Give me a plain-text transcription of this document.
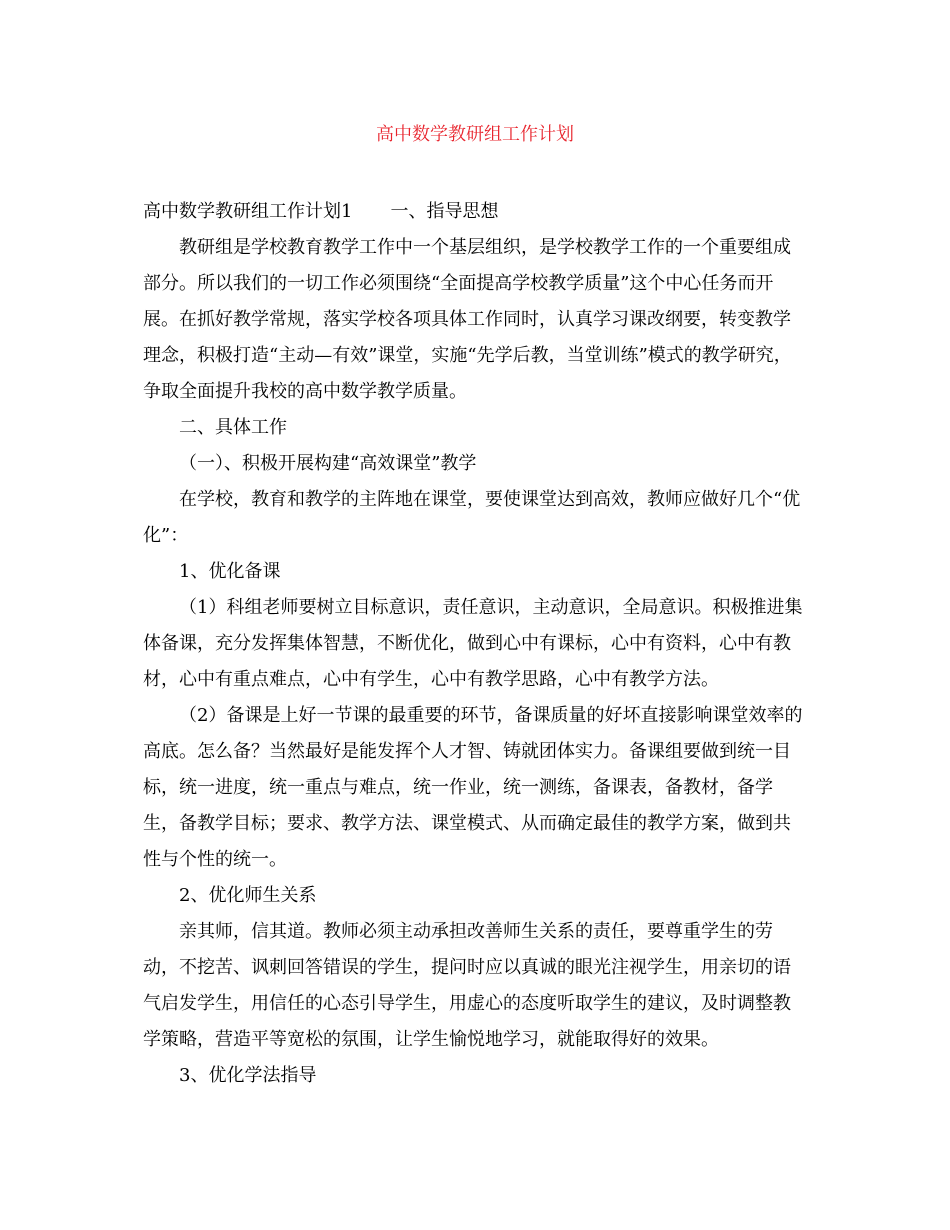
高中数学教研组工作计划

高中数学教研组工作计划1 一、指导思想

教研组是学校教育教学工作中一个基层组织，是学校教学工作的一个重要组成部分。所以我们的一切工作必须围绕“全面提高学校教学质量”这个中心任务而开展。在抓好教学常规，落实学校各项具体工作同时，认真学习课改纲要，转变教学理念，积极打造“主动—有效”课堂，实施“先学后教，当堂训练”模式的教学研究，争取全面提升我校的高中数学教学质量。

二、具体工作

（一）、积极开展构建“高效课堂”教学

在学校，教育和教学的主阵地在课堂，要使课堂达到高效，教师应做好几个“优化”：

1、优化备课

（1）科组老师要树立目标意识，责任意识，主动意识，全局意识。积极推进集体备课，充分发挥集体智慧，不断优化，做到心中有课标，心中有资料，心中有教材，心中有重点难点，心中有学生，心中有教学思路，心中有教学方法。

（2）备课是上好一节课的最重要的环节，备课质量的好坏直接影响课堂效率的高底。怎么备？当然最好是能发挥个人才智、铸就团体实力。备课组要做到统一目标，统一进度，统一重点与难点，统一作业，统一测练，备课表，备教材，备学生，备教学目标；要求、教学方法、课堂模式、从而确定最佳的教学方案，做到共性与个性的统一。

2、优化师生关系

亲其师，信其道。教师必须主动承担改善师生关系的责任，要尊重学生的劳动，不挖苦、讽刺回答错误的学生，提问时应以真诚的眼光注视学生，用亲切的语气启发学生，用信任的心态引导学生，用虚心的态度听取学生的建议，及时调整教学策略，营造平等宽松的氛围，让学生愉悦地学习，就能取得好的效果。

3、优化学法指导
